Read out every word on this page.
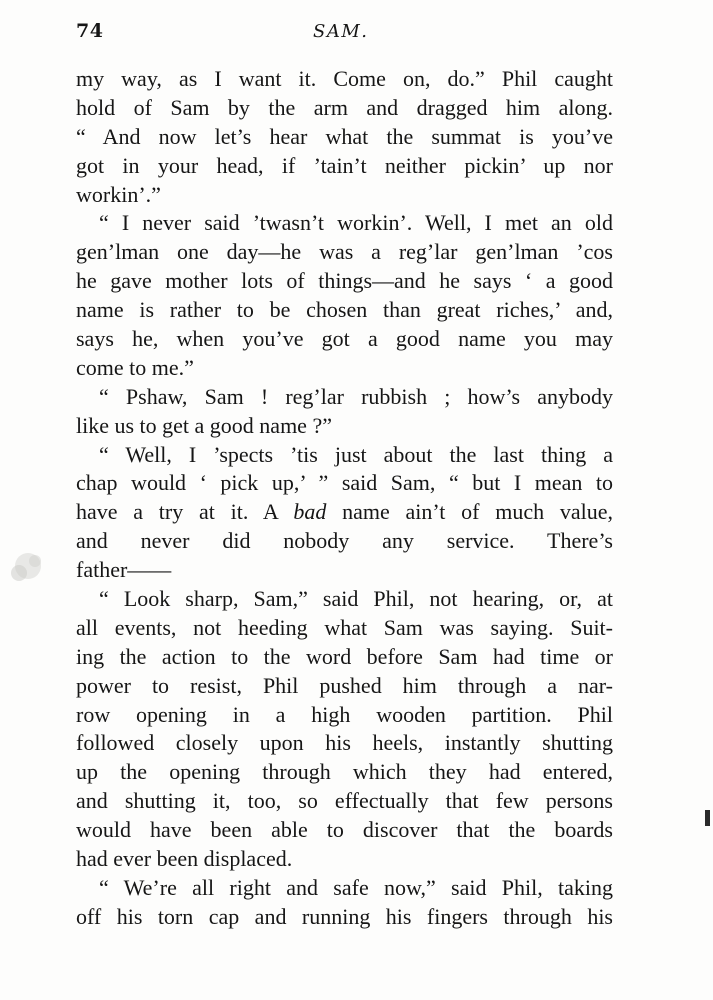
74	SAM.
my way, as I want it. Come on, do.” Phil caught
hold of Sam by the arm and dragged him along.
“ And now let’s hear what the summat is you’ve
got in your head, if ’tain’t neither pickin’ up nor
workin’.”
“ I never said ’twasn’t workin’. Well, I met an old
gen’lman one day—he was a reg’lar gen’lman ’cos
he gave mother lots of things—and he says ‘ a good
name is rather to be chosen than great riches,’ and,
says he, when you’ve got a good name you may
come to me.”
“ Pshaw, Sam ! reg’lar rubbish ; how’s anybody
like us to get a good name ?”
“ Well, I ’spects ’tis just about the last thing a
chap would ‘ pick up,’ ” said Sam, “ but I mean to
have a try at it. A bad name ain’t of much value,
and never did nobody any service. There’s
father——
“ Look sharp, Sam,” said Phil, not hearing, or, at
all events, not heeding what Sam was saying. Suit-
ing the action to the word before Sam had time or
power to resist, Phil pushed him through a nar-
row opening in a high wooden partition. Phil
followed closely upon his heels, instantly shutting
up the opening through which they had entered,
and shutting it, too, so effectually that few persons
would have been able to discover that the boards
had ever been displaced.
“ We’re all right and safe now,” said Phil, taking
off his torn cap and running his fingers through his
